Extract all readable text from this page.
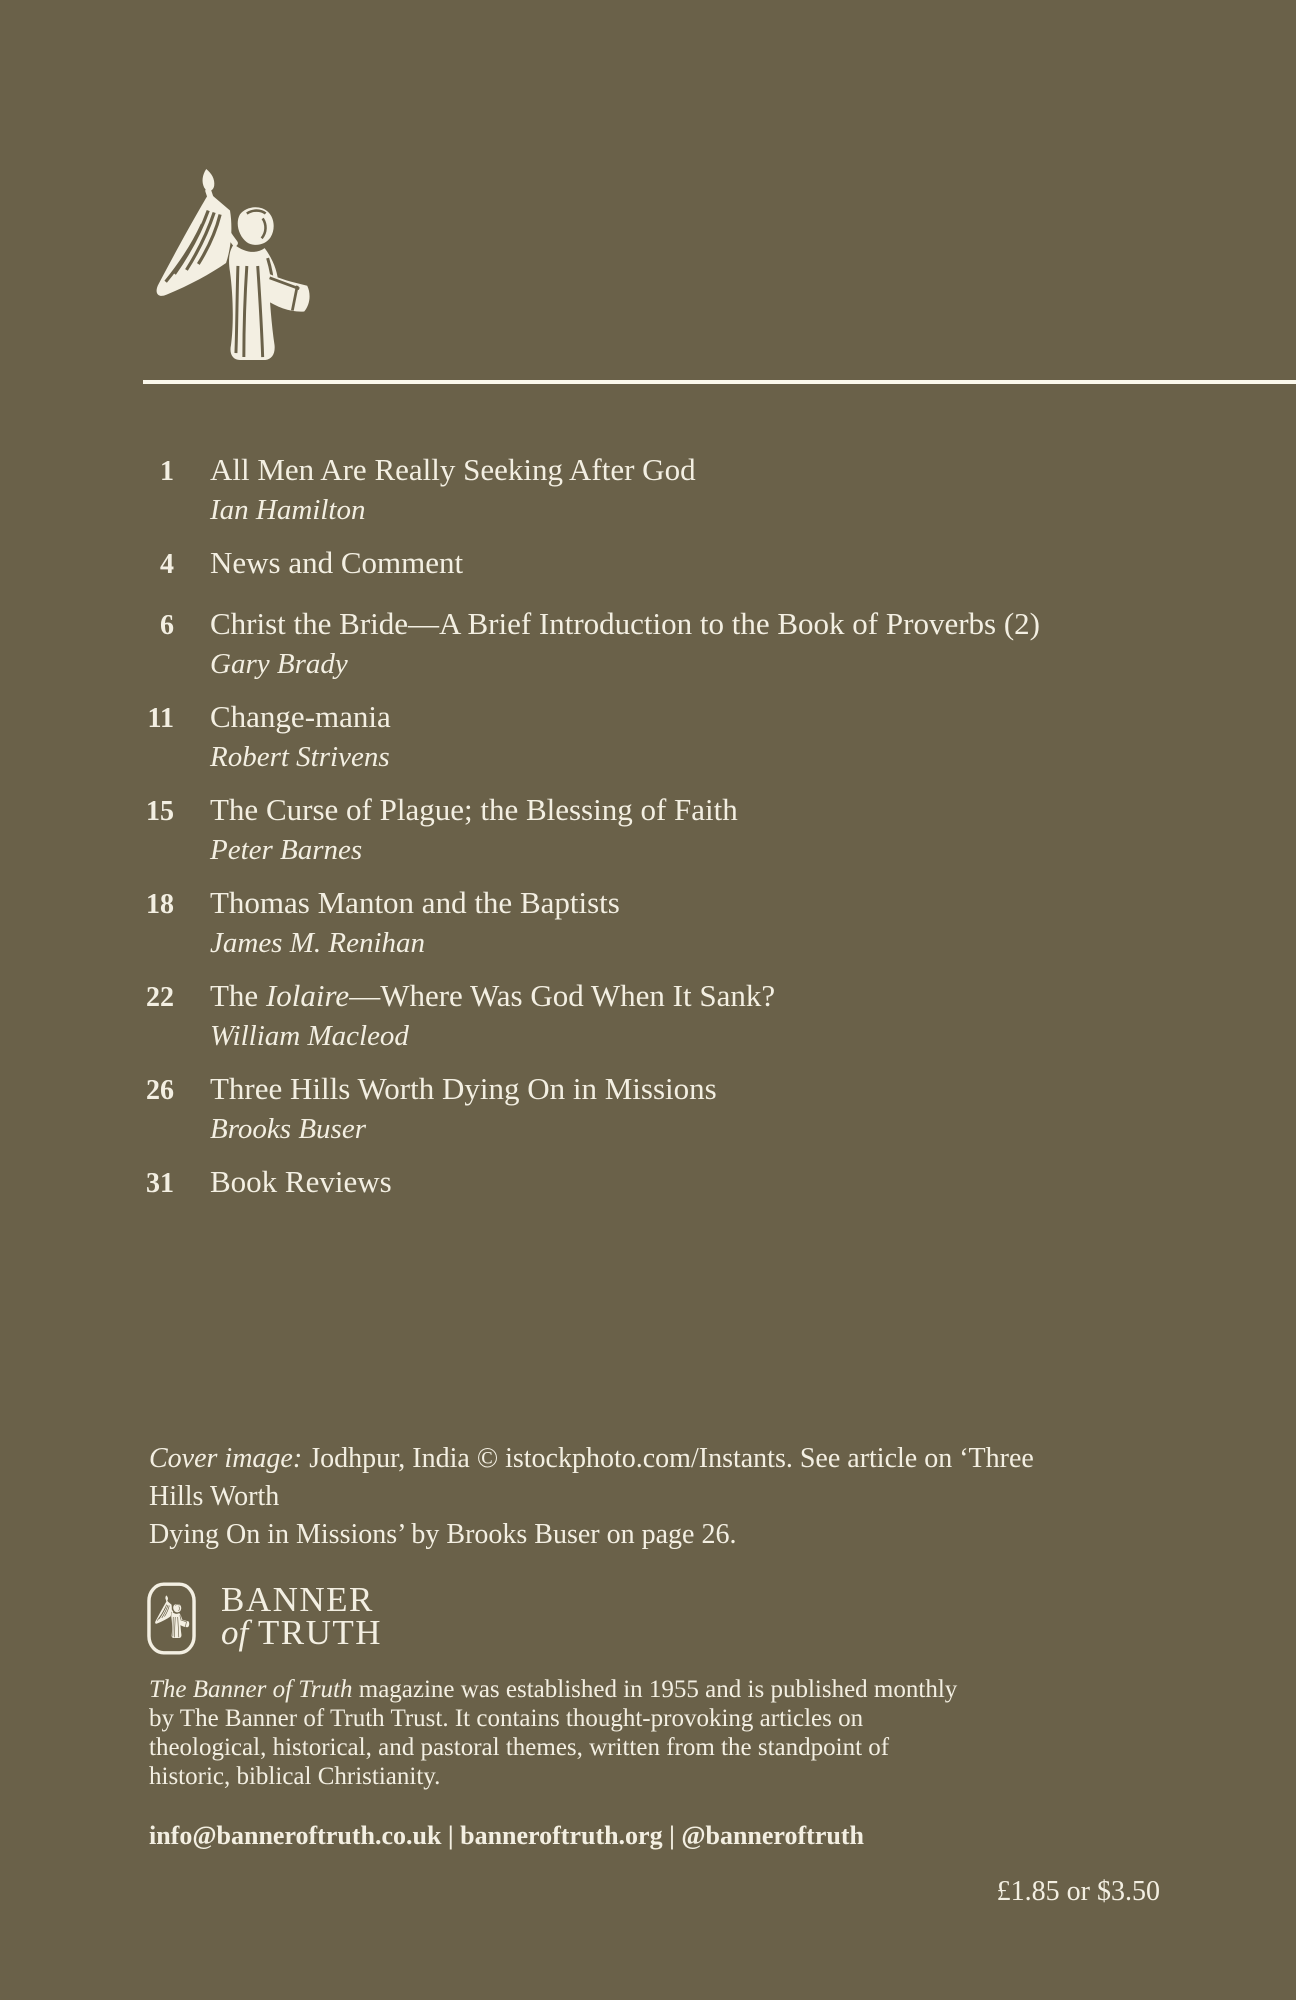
1	All Men Are Really Seeking After God
Ian Hamilton
4	News and Comment
6	Christ the Bride—A Brief Introduction to the Book of Proverbs (2)
Gary Brady
11	Change-mania
Robert Strivens
15	The Curse of Plague; the Blessing of Faith
Peter Barnes
18	Thomas Manton and the Baptists
James M. Renihan
22	The Iolaire—Where Was God When It Sank?
William Macleod
26	Three Hills Worth Dying On in Missions
Brooks Buser
31	Book Reviews
Cover image: Jodhpur, India © istockphoto.com/Instants. See article on ‘Three Hills Worth
Dying On in Missions’ by Brooks Buser on page 26.
BANNER
of TRUTH
The Banner of Truth magazine was established in 1955 and is published monthly
by The Banner of Truth Trust. It contains thought-provoking articles on
theological, historical, and pastoral themes, written from the standpoint of
historic, biblical Christianity.
info@banneroftruth.co.uk | banneroftruth.org | @banneroftruth
£1.85 or $3.50
